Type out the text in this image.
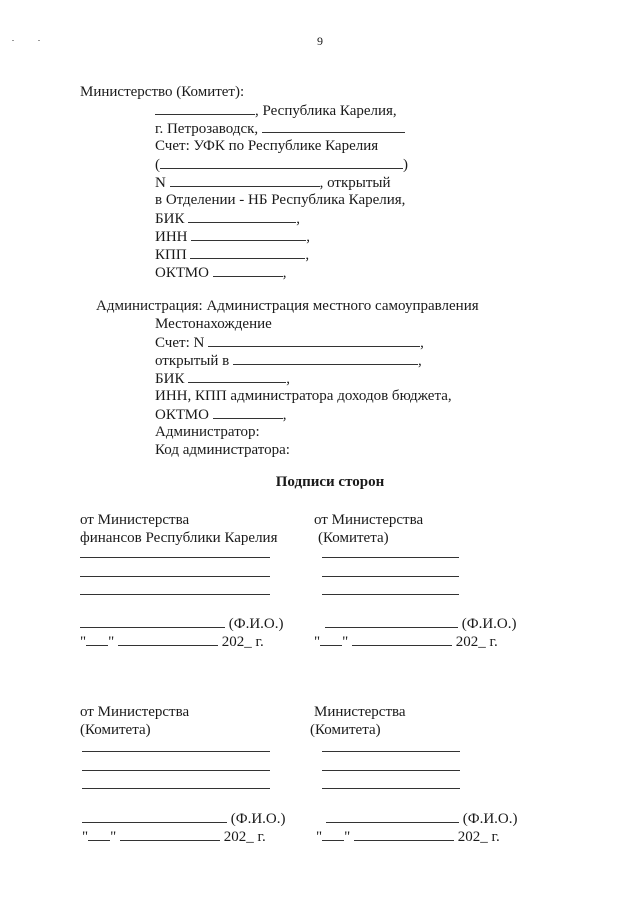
9
Министерство (Комитет):
, Республика Карелия,
г. Петрозаводск,
Счет: УФК по Республике Карелия
(	)
N	, открытый
в Отделении - НБ Республика Карелия,
БИК	,
ИНН	,
КПП	,
ОКТМО	,
Администрация: Администрация местного самоуправления
Местонахождение
Счет: N	,
открытый в	,
БИК	,
ИНН, КПП администратора доходов бюджета,
ОКТМО	,
Администратор:
Код администратора:
Подписи сторон
от Министерства
финансов Республики Карелия
(Ф.И.О.)
" "	202_ г.
от Министерства
(Комитета)
(Ф.И.О.)
" "	202_ г.
от Министерства
(Комитета)
(Ф.И.О.)
" "	202_ г.
Министерства
(Комитета)
(Ф.И.О.)
" "	202_ г.
